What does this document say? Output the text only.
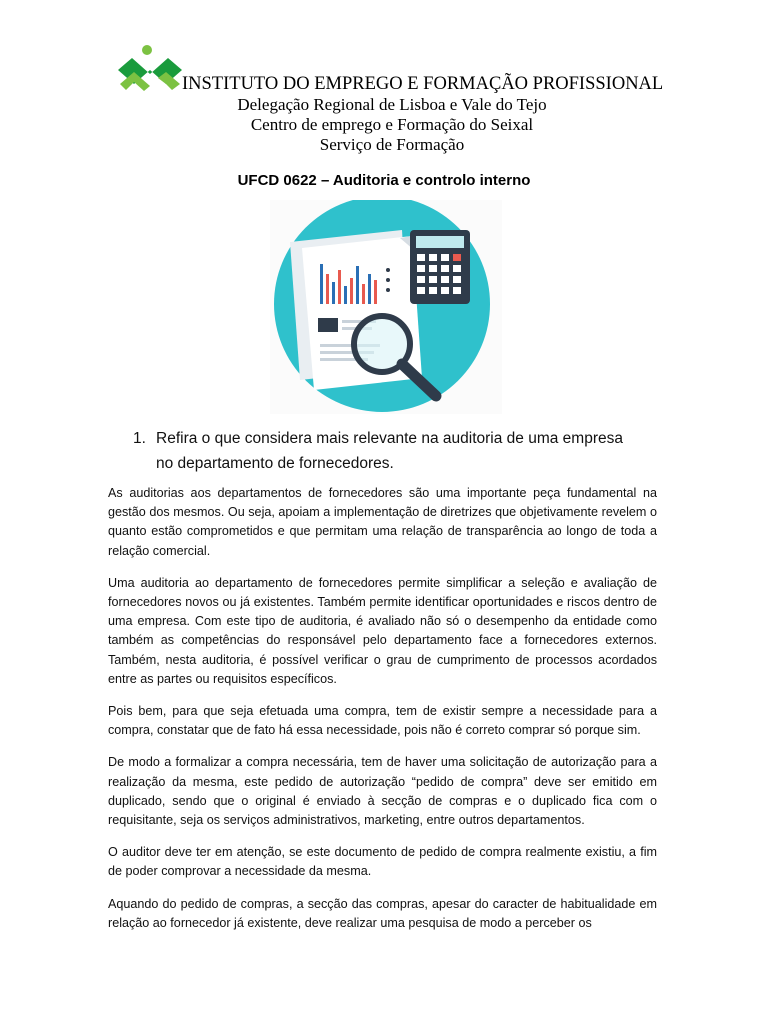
INSTITUTO DO EMPREGO E FORMAÇÃO PROFISSIONAL
Delegação Regional de Lisboa e Vale do Tejo
Centro de emprego e Formação do Seixal
Serviço de Formação
UFCD 0622 – Auditoria e controlo interno
1. Refira o que considera mais relevante na auditoria de uma empresa
no departamento de fornecedores.

As auditorias aos departamentos de fornecedores são uma importante peça fundamental na gestão dos mesmos. Ou seja, apoiam a implementação de diretrizes que objetivamente revelem o quanto estão comprometidos e que permitam uma relação de transparência ao longo de toda a relação comercial.

Uma auditoria ao departamento de fornecedores permite simplificar a seleção e avaliação de fornecedores novos ou já existentes. Também permite identificar oportunidades e riscos dentro de uma empresa. Com este tipo de auditoria, é avaliado não só o desempenho da entidade como também as competências do responsável pelo departamento face a fornecedores externos. Também, nesta auditoria, é possível verificar o grau de cumprimento de processos acordados entre as partes ou requisitos específicos.

Pois bem, para que seja efetuada uma compra, tem de existir sempre a necessidade para a compra, constatar que de fato há essa necessidade, pois não é correto comprar só porque sim.

De modo a formalizar a compra necessária, tem de haver uma solicitação de autorização para a realização da mesma, este pedido de autorização “pedido de compra” deve ser emitido em duplicado, sendo que o original é enviado à secção de compras e o duplicado fica com o requisitante, seja os serviços administrativos, marketing, entre outros departamentos.

O auditor deve ter em atenção, se este documento de pedido de compra realmente existiu, a fim de poder comprovar a necessidade da mesma.

Aquando do pedido de compras, a secção das compras, apesar do caracter de habitualidade em relação ao fornecedor já existente, deve realizar uma pesquisa de modo a perceber os
